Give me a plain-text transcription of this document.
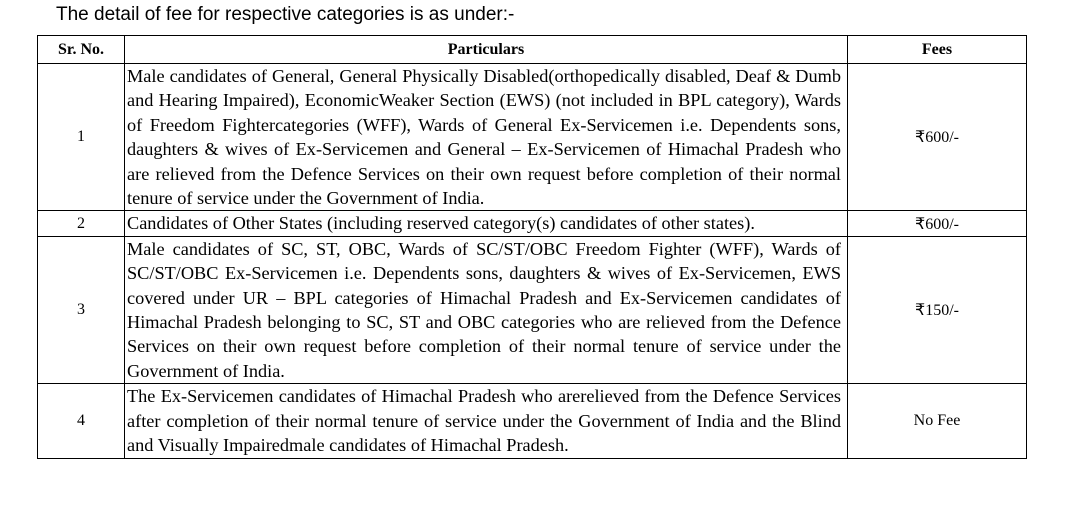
The detail of fee for respective categories is as under:-
Sr. No.	Particulars	Fees
1	Male candidates of General, General Physically Disabled(orthopedically disabled, Deaf & Dumb and Hearing Impaired), EconomicWeaker Section (EWS) (not included in BPL category), Wards of Freedom Fightercategories (WFF), Wards of General Ex-Servicemen i.e. Dependents sons, daughters & wives of Ex-Servicemen and General – Ex-Servicemen of Himachal Pradesh who are relieved from the Defence Services on their own request before completion of their normal tenure of service under the Government of India.	₹600/-
2	Candidates of Other States (including reserved category(s) candidates of other states).	₹600/-
3	Male candidates of SC, ST, OBC, Wards of SC/ST/OBC Freedom Fighter (WFF), Wards of SC/ST/OBC Ex-Servicemen i.e. Dependents sons, daughters & wives of Ex-Servicemen, EWS covered under UR – BPL categories of Himachal Pradesh and Ex-Servicemen candidates of Himachal Pradesh belonging to SC, ST and OBC categories who are relieved from the Defence Services on their own request before completion of their normal tenure of service under the Government of India.	₹150/-
4	The Ex-Servicemen candidates of Himachal Pradesh who arerelieved from the Defence Services after completion of their normal tenure of service under the Government of India and the Blind and Visually Impairedmale candidates of Himachal Pradesh.	No Fee
